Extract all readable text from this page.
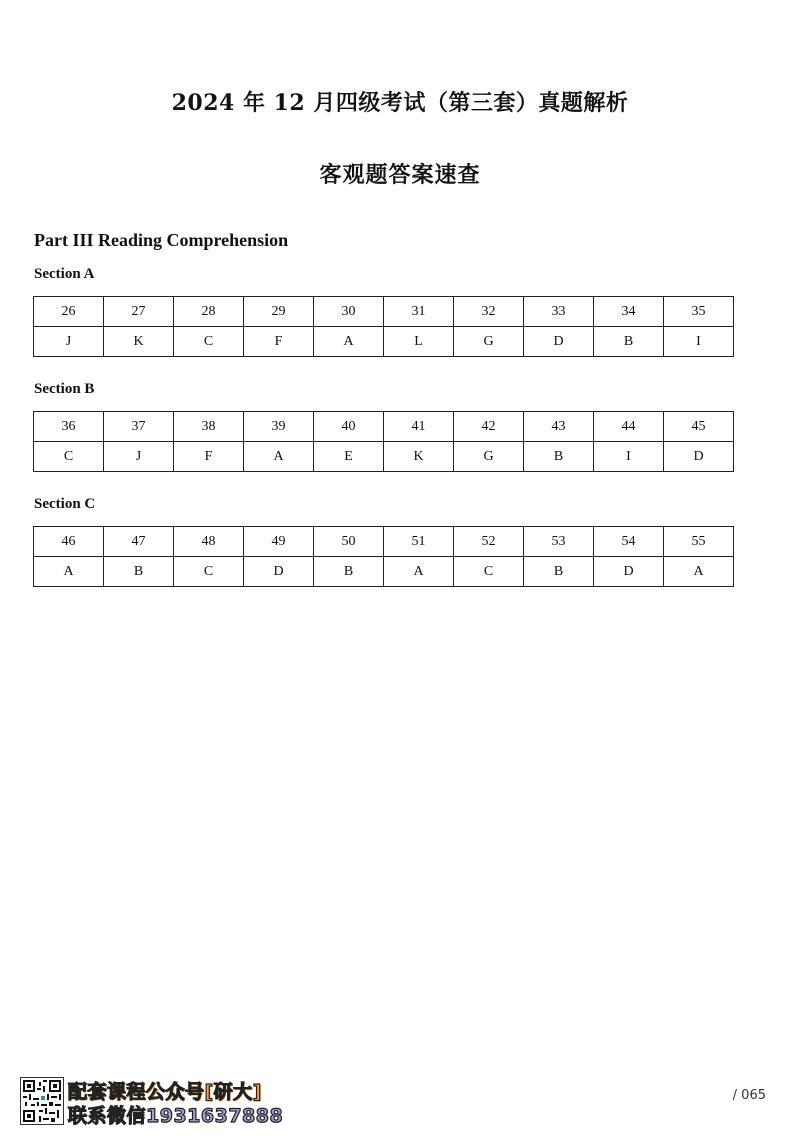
2024 年 12 月四级考试（第三套）真题解析
客观题答案速查
Part III Reading Comprehension
Section A
26	27	28	29	30	31	32	33	34	35
J	K	C	F	A	L	G	D	B	I
Section B
36	37	38	39	40	41	42	43	44	45
C	J	F	A	E	K	G	B	I	D
Section C
46	47	48	49	50	51	52	53	54	55
A	B	C	D	B	A	C	B	D	A
配套课程公众号[研大]
联系微信1931637888
/ 065
